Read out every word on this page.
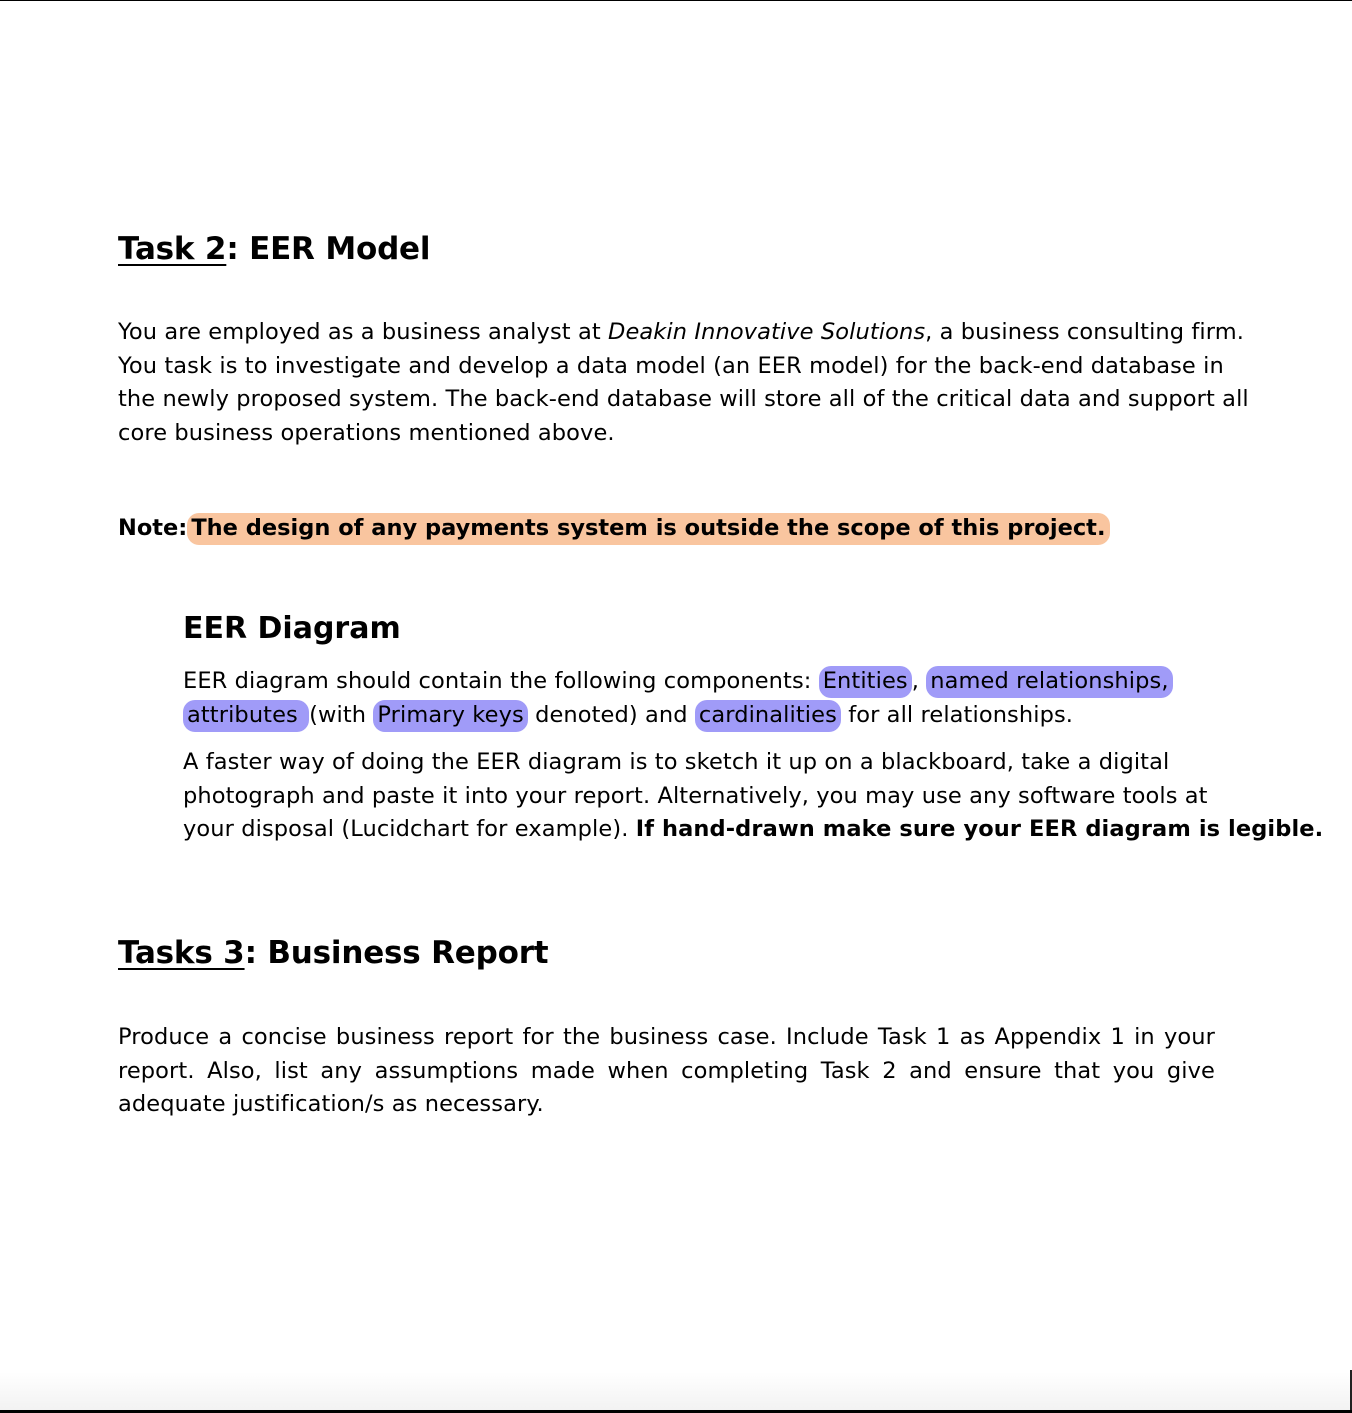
Task 2: EER Model
You are employed as a business analyst at Deakin Innovative Solutions, a business consulting firm.
You task is to investigate and develop a data model (an EER model) for the back-end database in
the newly proposed system. The back-end database will store all of the critical data and support all
core business operations mentioned above.

Note: The design of any payments system is outside the scope of this project.

EER Diagram
EER diagram should contain the following components: Entities , named relationships,
attributes (with Primary keys denoted) and cardinalities for all relationships.
A faster way of doing the EER diagram is to sketch it up on a blackboard, take a digital
photograph and paste it into your report. Alternatively, you may use any software tools at
your disposal (Lucidchart for example). If hand-drawn make sure your EER diagram is legible.
Tasks 3: Business Report
Produce a concise business report for the business case. Include Task 1 as Appendix 1 in your
report. Also, list any assumptions made when completing Task 2 and ensure that you give
adequate justification/s as necessary.
